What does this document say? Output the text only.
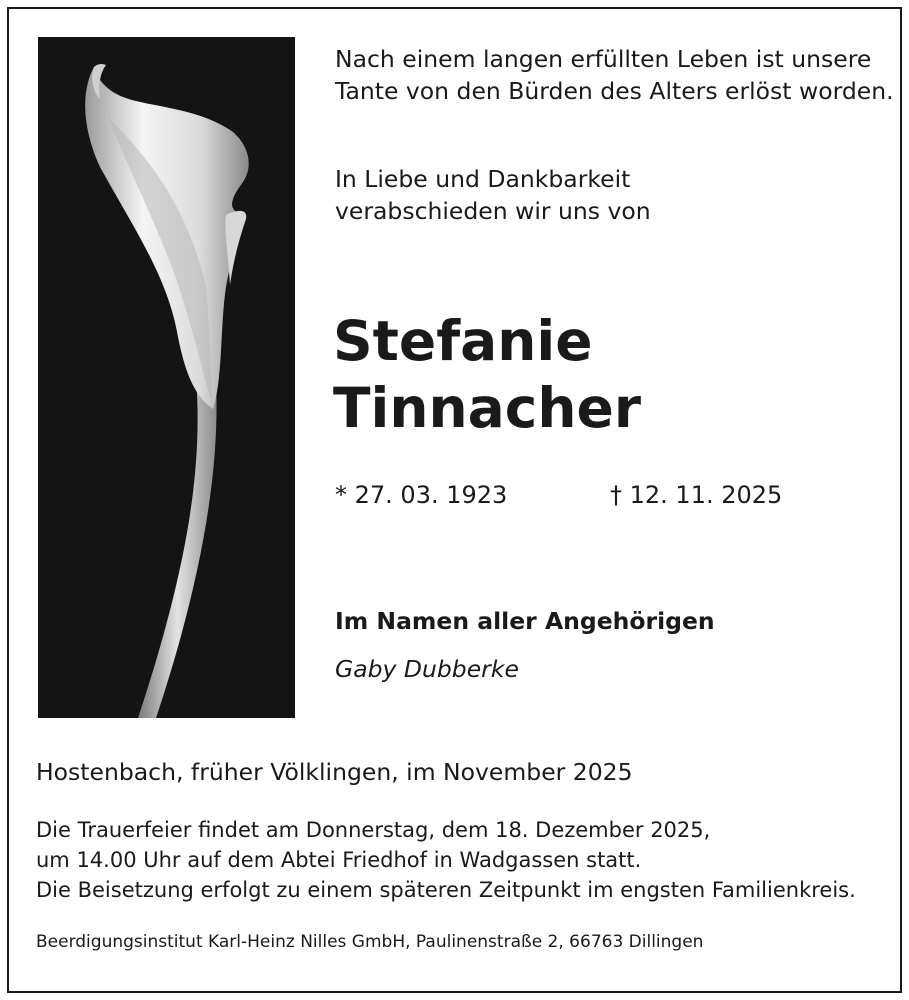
Nach einem langen erfüllten Leben ist unsere
Tante von den Bürden des Alters erlöst worden.
In Liebe und Dankbarkeit
verabschieden wir uns von
Stefanie
Tinnacher
* 27. 03. 1923	† 12. 11. 2025
Im Namen aller Angehörigen
Gaby Dubberke
Hostenbach, früher Völklingen, im November 2025
Die Trauerfeier findet am Donnerstag, dem 18. Dezember 2025,
um 14.00 Uhr auf dem Abtei Friedhof in Wadgassen statt.
Die Beisetzung erfolgt zu einem späteren Zeitpunkt im engsten Familienkreis.
Beerdigungsinstitut Karl-Heinz Nilles GmbH, Paulinenstraße 2, 66763 Dillingen
